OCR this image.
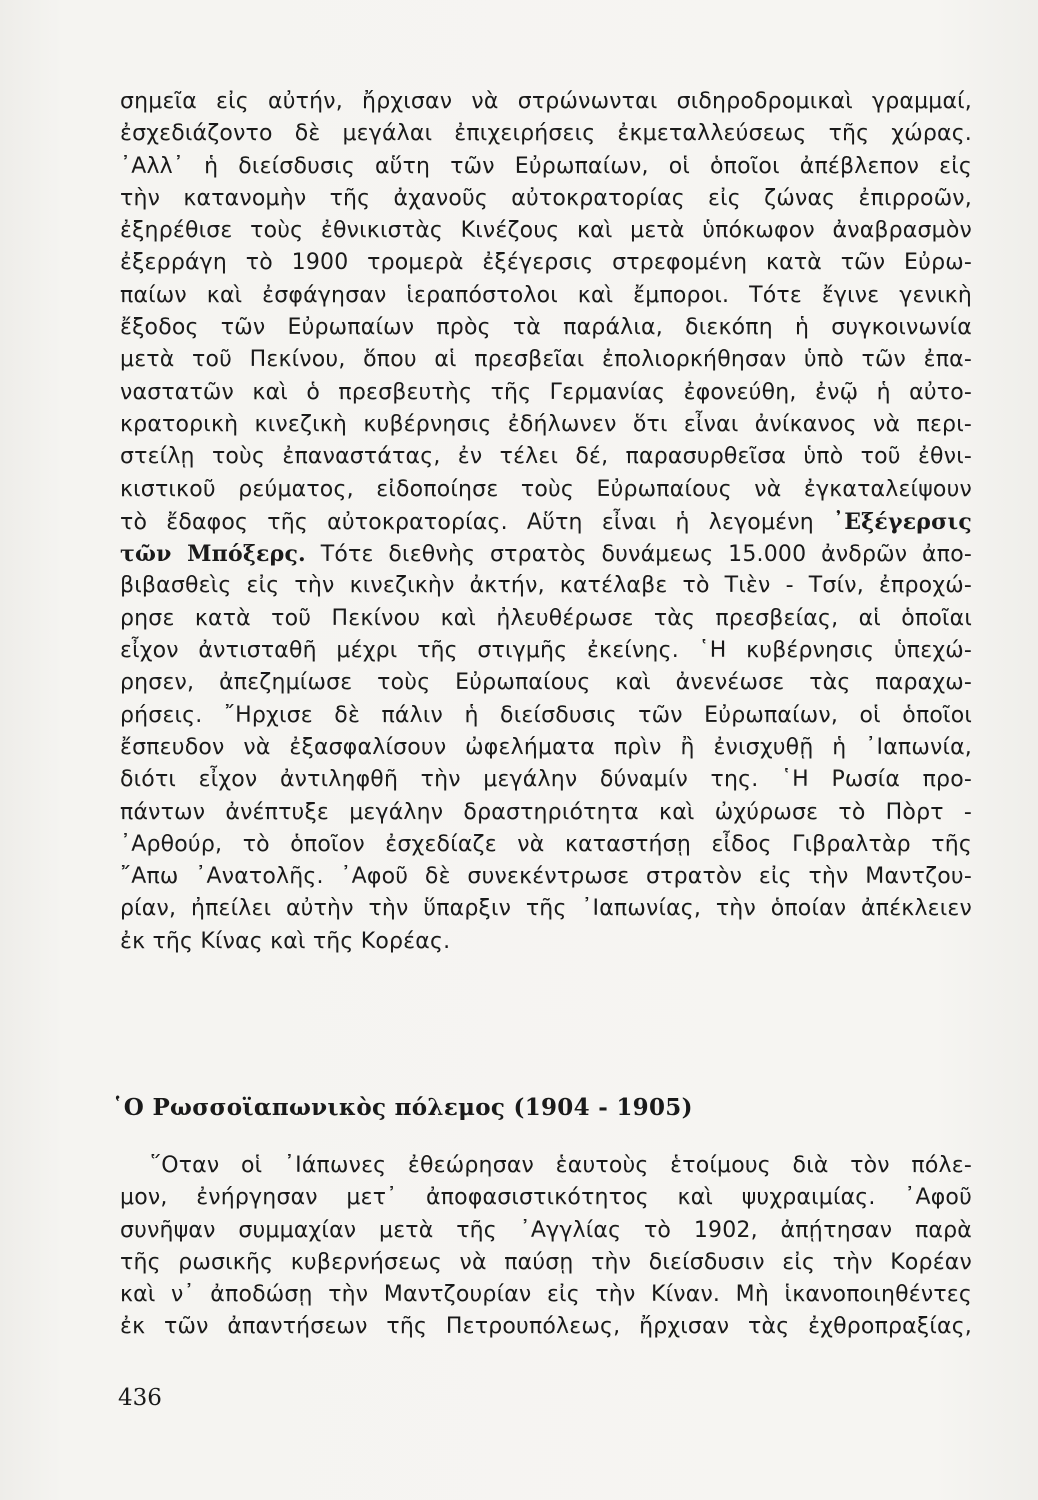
σημεῖα εἰς αὐτήν, ἤρχισαν νὰ στρώνωνται σιδηροδρομικαὶ γραμμαί,
ἐσχεδιάζοντο δὲ μεγάλαι ἐπιχειρήσεις ἐκμεταλλεύσεως τῆς χώρας.
᾿Αλλ᾿ ἡ διείσδυσις αὕτη τῶν Εὐρωπαίων, οἱ ὁποῖοι ἀπέβλεπον εἰς
τὴν κατανομὴν τῆς ἀχανοῦς αὐτοκρατορίας εἰς ζώνας ἐπιρροῶν,
ἐξηρέθισε τοὺς ἐθνικιστὰς Κινέζους καὶ μετὰ ὑπόκωφον ἀναβρασμὸν
ἐξερράγη τὸ 1900 τρομερὰ ἐξέγερσις στρεφομένη κατὰ τῶν Εὐρω-
παίων καὶ ἐσφάγησαν ἱεραπόστολοι καὶ ἔμποροι. Τότε ἔγινε γενικὴ
ἔξοδος τῶν Εὐρωπαίων πρὸς τὰ παράλια, διεκόπη ἡ συγκοινωνία
μετὰ τοῦ Πεκίνου, ὅπου αἱ πρεσβεῖαι ἐπολιορκήθησαν ὑπὸ τῶν ἐπα-
ναστατῶν καὶ ὁ πρεσβευτὴς τῆς Γερμανίας ἐφονεύθη, ἐνῷ ἡ αὐτο-
κρατορικὴ κινεζικὴ κυβέρνησις ἐδήλωνεν ὅτι εἶναι ἀνίκανος νὰ περι-
στείλῃ τοὺς ἐπαναστάτας, ἐν τέλει δέ, παρασυρθεῖσα ὑπὸ τοῦ ἐθνι-
κιστικοῦ ρεύματος, εἰδοποίησε τοὺς Εὐρωπαίους νὰ ἐγκαταλείψουν
τὸ ἔδαφος τῆς αὐτοκρατορίας. Αὕτη εἶναι ἡ λεγομένη ᾿Εξέγερσις
τῶν Μπόξερς. Τότε διεθνὴς στρατὸς δυνάμεως 15.000 ἀνδρῶν ἀπο-
βιβασθεὶς εἰς τὴν κινεζικὴν ἀκτήν, κατέλαβε τὸ Τιὲν - Τσίν, ἐπροχώ-
ρησε κατὰ τοῦ Πεκίνου καὶ ἠλευθέρωσε τὰς πρεσβείας, αἱ ὁποῖαι
εἶχον ἀντισταθῆ μέχρι τῆς στιγμῆς ἐκείνης. ῾Η κυβέρνησις ὑπεχώ-
ρησεν, ἀπεζημίωσε τοὺς Εὐρωπαίους καὶ ἀνενέωσε τὰς παραχω-
ρήσεις. ῎Ηρχισε δὲ πάλιν ἡ διείσδυσις τῶν Εὐρωπαίων, οἱ ὁποῖοι
ἔσπευδον νὰ ἐξασφαλίσουν ὠφελήματα πρὶν ἢ ἐνισχυθῇ ἡ ᾿Ιαπωνία,
διότι εἶχον ἀντιληφθῆ τὴν μεγάλην δύναμίν της. ῾Η Ρωσία προ-
πάντων ἀνέπτυξε μεγάλην δραστηριότητα καὶ ὠχύρωσε τὸ Πὸρτ -
᾿Αρθούρ, τὸ ὁποῖον ἐσχεδίαζε νὰ καταστήσῃ εἶδος Γιβραλτὰρ τῆς
῎Απω ᾿Ανατολῆς. ᾿Αφοῦ δὲ συνεκέντρωσε στρατὸν εἰς τὴν Μαντζου-
ρίαν, ἠπείλει αὐτὴν τὴν ὕπαρξιν τῆς ᾿Ιαπωνίας, τὴν ὁποίαν ἀπέκλειεν
ἐκ τῆς Κίνας καὶ τῆς Κορέας.
῾Ο Ρωσσοϊαπωνικὸς πόλεμος (1904 - 1905)
῞Οταν οἱ ᾿Ιάπωνες ἐθεώρησαν ἑαυτοὺς ἑτοίμους διὰ τὸν πόλε-
μον, ἐνήργησαν μετ᾿ ἀποφασιστικότητος καὶ ψυχραιμίας. ᾿Αφοῦ
συνῆψαν συμμαχίαν μετὰ τῆς ᾿Αγγλίας τὸ 1902, ἀπῄτησαν παρὰ
τῆς ρωσικῆς κυβερνήσεως νὰ παύσῃ τὴν διείσδυσιν εἰς τὴν Κορέαν
καὶ ν᾿ ἀποδώσῃ τὴν Μαντζουρίαν εἰς τὴν Κίναν. Μὴ ἱκανοποιηθέντες
ἐκ τῶν ἀπαντήσεων τῆς Πετρουπόλεως, ἤρχισαν τὰς ἐχθροπραξίας,
436
